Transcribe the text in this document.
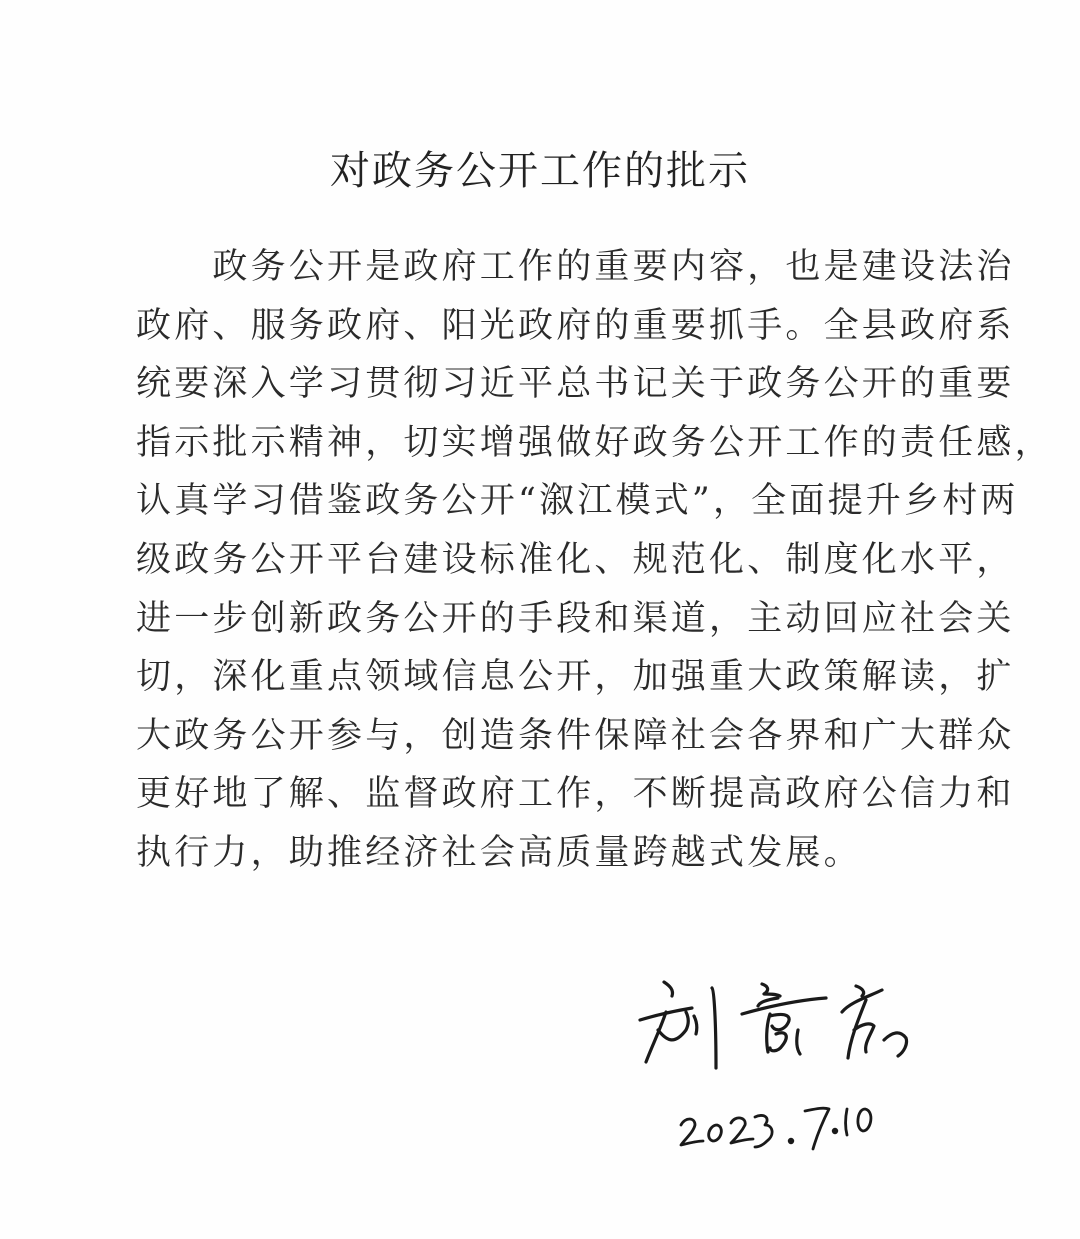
对政务公开工作的批示
　　政务公开是政府工作的重要内容，也是建设法治
政府、服务政府、阳光政府的重要抓手。全县政府系
统要深入学习贯彻习近平总书记关于政务公开的重要
指示批示精神，切实增强做好政务公开工作的责任感，
认真学习借鉴政务公开“溆江模式”，全面提升乡村两
级政务公开平台建设标准化、规范化、制度化水平，
进一步创新政务公开的手段和渠道，主动回应社会关
切，深化重点领域信息公开，加强重大政策解读，扩
大政务公开参与，创造条件保障社会各界和广大群众
更好地了解、监督政府工作，不断提高政府公信力和
执行力，助推经济社会高质量跨越式发展。
